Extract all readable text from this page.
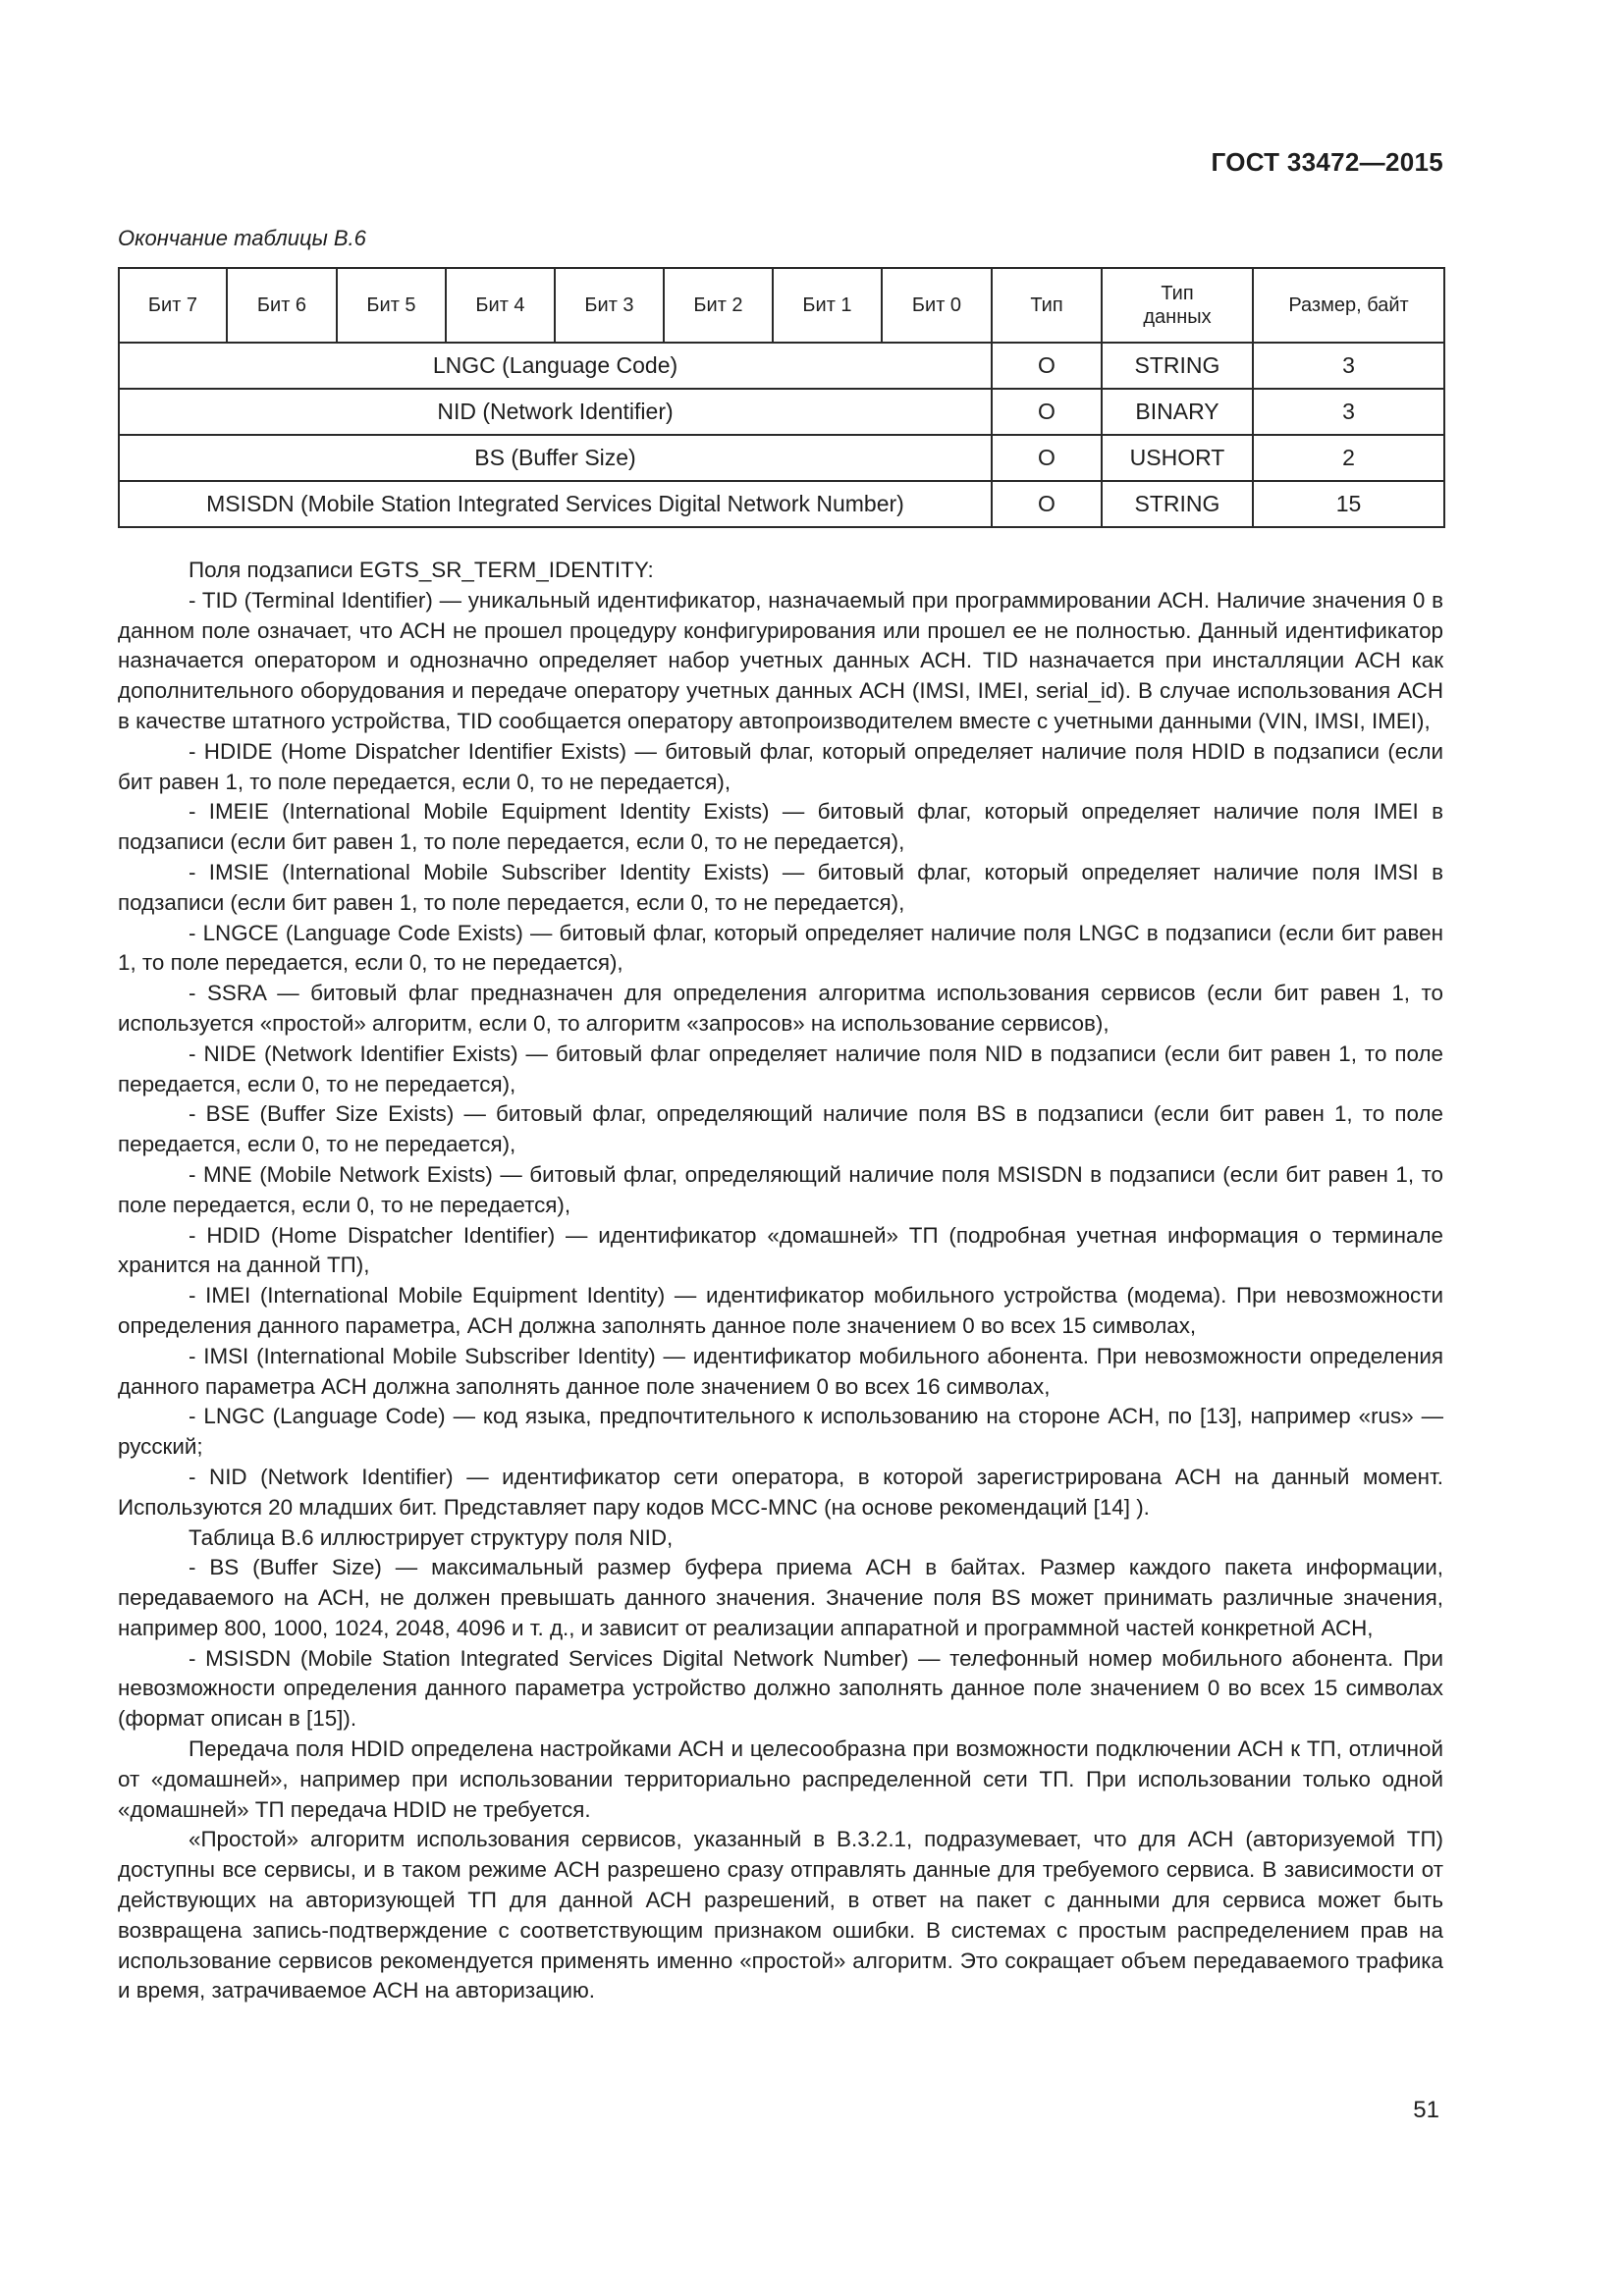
ГОСТ 33472—2015
Окончание таблицы В.6
Бит 7	Бит 6	Бит 5	Бит 4	Бит 3	Бит 2	Бит 1	Бит 0	Тип	Тип данных	Размер, байт
LNGC (Language Code)								O	STRING	3
NID (Network Identifier)								O	BINARY	3
BS (Buffer Size)								O	USHORT	2
MSISDN (Mobile Station Integrated Services Digital Network Number)								O	STRING	15

Поля подзаписи EGTS_SR_TERM_IDENTITY:

- TID (Terminal Identifier) — уникальный идентификатор, назначаемый при программировании АСН. Наличие значения 0 в данном поле означает, что АСН не прошел процедуру конфигурирования или прошел ее не полностью. Данный идентификатор назначается оператором и однозначно определяет набор учетных данных АСН. TID назначается при инсталляции АСН как дополнительного оборудования и передаче оператору учетных данных АСН (IMSI, IMEI, serial_id). В случае использования АСН в качестве штатного устройства, TID сообщается оператору автопроизводителем вместе с учетными данными (VIN, IMSI, IMEI),

- HDIDE (Home Dispatcher Identifier Exists) — битовый флаг, который определяет наличие поля HDID в подзаписи (если бит равен 1, то поле передается, если 0, то не передается),

- IMEIE (International Mobile Equipment Identity Exists) — битовый флаг, который определяет наличие поля IMEI в подзаписи (если бит равен 1, то поле передается, если 0, то не передается),

- IMSIE (International Mobile Subscriber Identity Exists) — битовый флаг, который определяет наличие поля IMSI в подзаписи (если бит равен 1, то поле передается, если 0, то не передается),

- LNGCE (Language Code Exists) — битовый флаг, который определяет наличие поля LNGC в подзаписи (если бит равен 1, то поле передается, если 0, то не передается),

- SSRA — битовый флаг предназначен для определения алгоритма использования сервисов (если бит равен 1, то используется «простой» алгоритм, если 0, то алгоритм «запросов» на использование сервисов),

- NIDE (Network Identifier Exists) — битовый флаг определяет наличие поля NID в подзаписи (если бит равен 1, то поле передается, если 0, то не передается),

- BSE (Buffer Size Exists) — битовый флаг, определяющий наличие поля BS в подзаписи (если бит равен 1, то поле передается, если 0, то не передается),

- MNE (Mobile Network Exists) — битовый флаг, определяющий наличие поля MSISDN в подзаписи (если бит равен 1, то поле передается, если 0, то не передается),

- HDID (Home Dispatcher Identifier) — идентификатор «домашней» ТП (подробная учетная информация о терминале хранится на данной ТП),

- IMEI (International Mobile Equipment Identity) — идентификатор мобильного устройства (модема). При невозможности определения данного параметра, АСН должна заполнять данное поле значением 0 во всех 15 символах,

- IMSI (International Mobile Subscriber Identity) — идентификатор мобильного абонента. При невозможности определения данного параметра АСН должна заполнять данное поле значением 0 во всех 16 символах,

- LNGC (Language Code) — код языка, предпочтительного к использованию на стороне АСН, по [13], например «rus» — русский;

- NID (Network Identifier) — идентификатор сети оператора, в которой зарегистрирована АСН на данный момент. Используются 20 младших бит. Представляет пару кодов MCC-MNC (на основе рекомендаций [14] ).

Таблица В.6 иллюстрирует структуру поля NID,

- BS (Buffer Size) — максимальный размер буфера приема АСН в байтах. Размер каждого пакета информации, передаваемого на АСН, не должен превышать данного значения. Значение поля BS может принимать различные значения, например 800, 1000, 1024, 2048, 4096 и т. д., и зависит от реализации аппаратной и программной частей конкретной АСН,

- MSISDN (Mobile Station Integrated Services Digital Network Number) — телефонный номер мобильного абонента. При невозможности определения данного параметра устройство должно заполнять данное поле значением 0 во всех 15 символах (формат описан в [15]).

Передача поля HDID определена настройками АСН и целесообразна при возможности подключении АСН к ТП, отличной от «домашней», например при использовании территориально распределенной сети ТП. При использовании только одной «домашней» ТП передача HDID не требуется.

«Простой» алгоритм использования сервисов, указанный в В.3.2.1, подразумевает, что для АСН (авторизуемой ТП) доступны все сервисы, и в таком режиме АСН разрешено сразу отправлять данные для требуемого сервиса. В зависимости от действующих на авторизующей ТП для данной АСН разрешений, в ответ на пакет с данными для сервиса может быть возвращена запись-подтверждение с соответствующим признаком ошибки. В системах с простым распределением прав на использование сервисов рекомендуется применять именно «простой» алгоритм. Это сокращает объем передаваемого трафика и время, затрачиваемое АСН на авторизацию.

51
